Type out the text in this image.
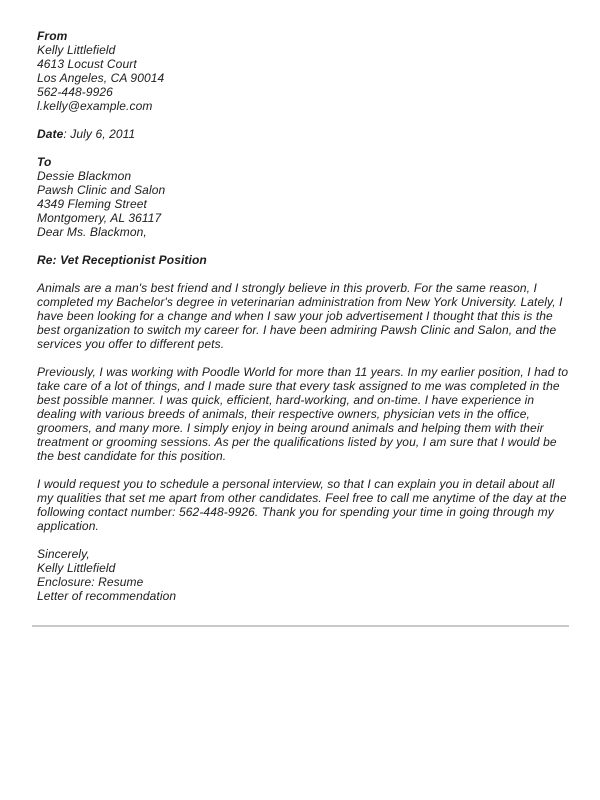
From
Kelly Littlefield
4613 Locust Court
Los Angeles, CA 90014
562-448-9926
l.kelly@example.com
Date: July 6, 2011
To
Dessie Blackmon
Pawsh Clinic and Salon
4349 Fleming Street
Montgomery, AL 36117
Dear Ms. Blackmon,
Re: Vet Receptionist Position

Animals are a man's best friend and I strongly believe in this proverb. For the same reason, I completed my Bachelor's degree in veterinarian administration from New York University. Lately, I have been looking for a change and when I saw your job advertisement I thought that this is the best organization to switch my career for. I have been admiring Pawsh Clinic and Salon, and the services you offer to different pets.

Previously, I was working with Poodle World for more than 11 years. In my earlier position, I had to take care of a lot of things, and I made sure that every task assigned to me was completed in the best possible manner. I was quick, efficient, hard-working, and on-time. I have experience in dealing with various breeds of animals, their respective owners, physician vets in the office, groomers, and many more. I simply enjoy in being around animals and helping them with their treatment or grooming sessions. As per the qualifications listed by you, I am sure that I would be the best candidate for this position.

I would request you to schedule a personal interview, so that I can explain you in detail about all my qualities that set me apart from other candidates. Feel free to call me anytime of the day at the following contact number: 562-448-9926. Thank you for spending your time in going through my application.

Sincerely,
Kelly Littlefield
Enclosure: Resume
Letter of recommendation
